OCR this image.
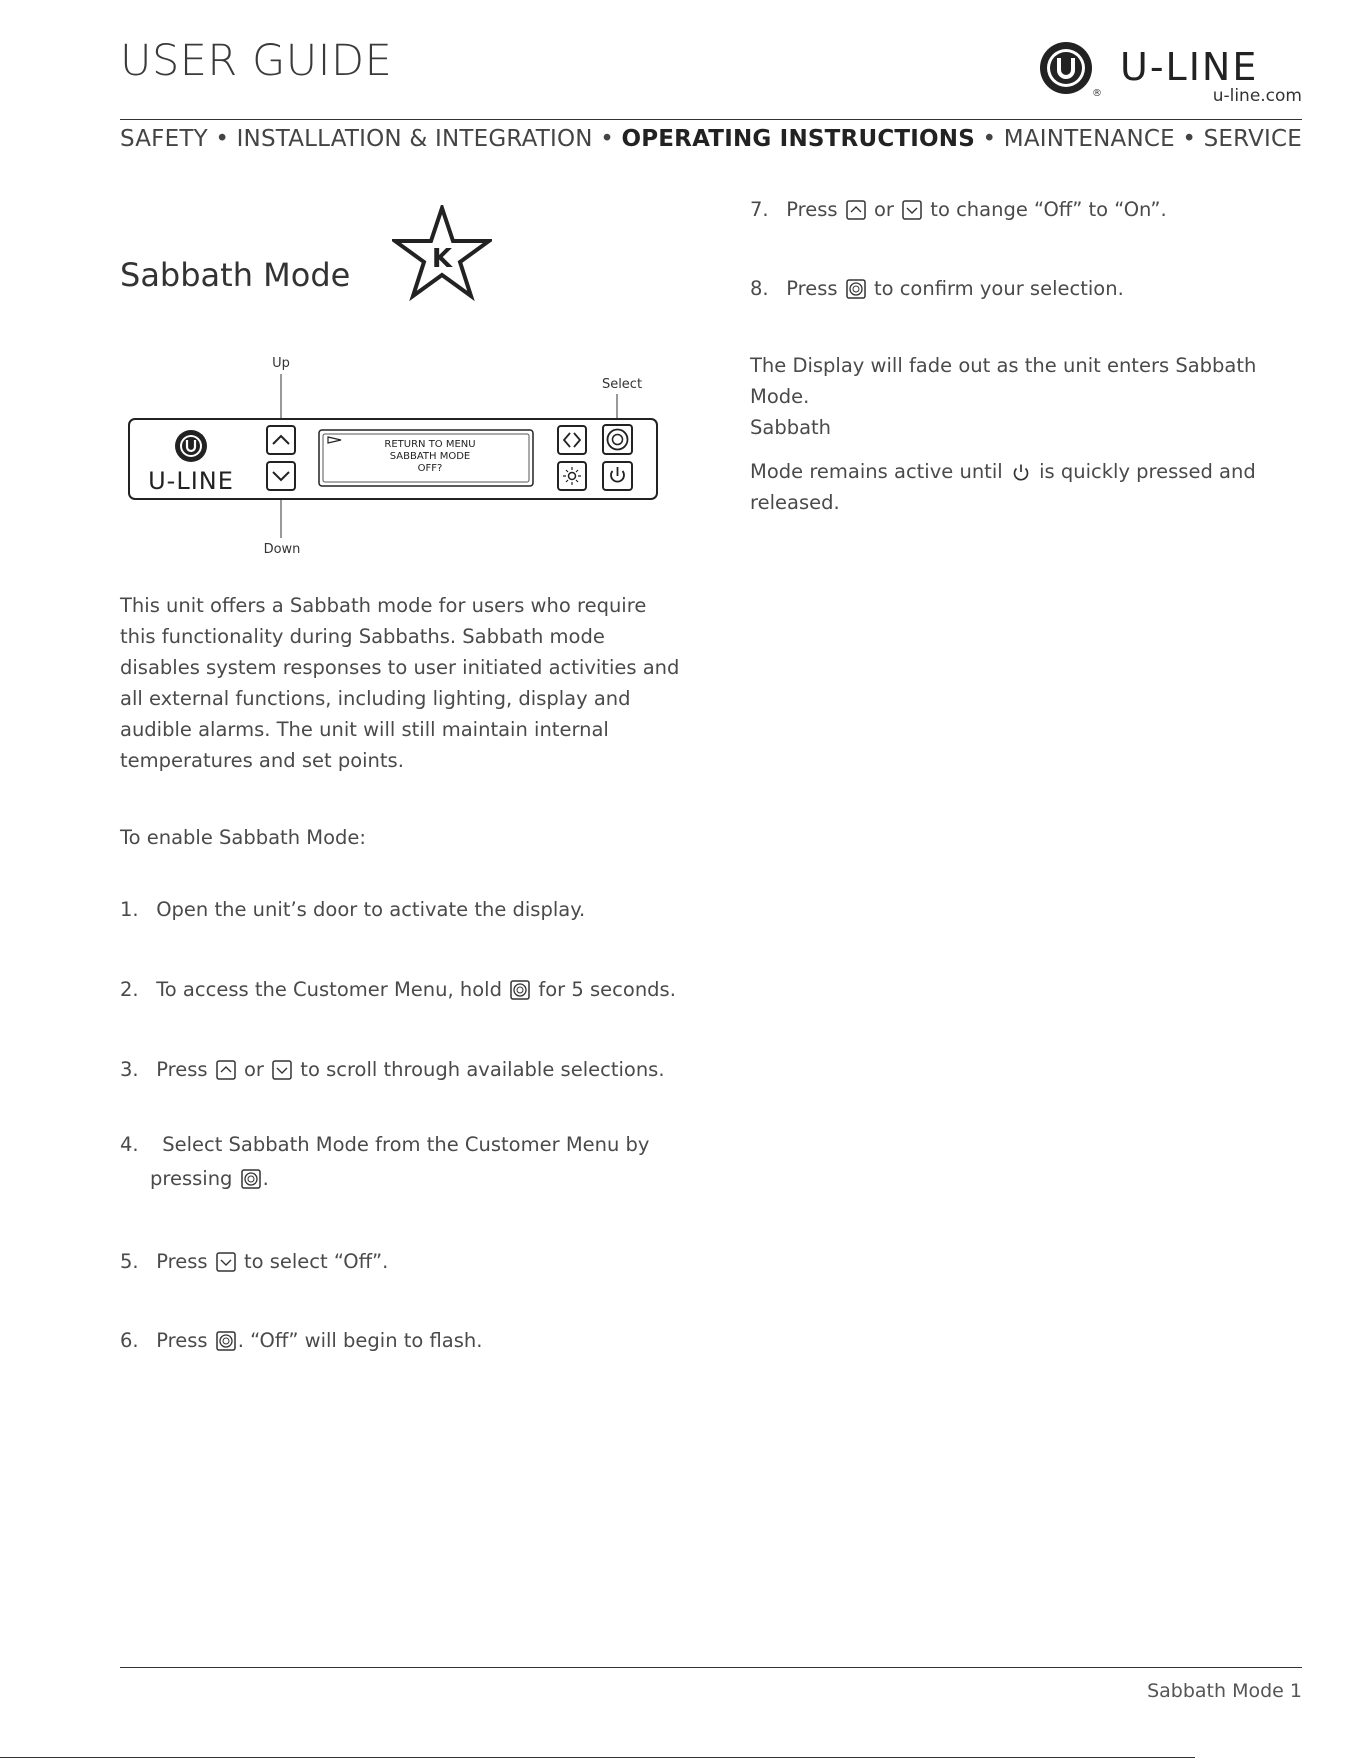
USER GUIDE
®
U-LINE
u-line.com
SAFETY • INSTALLATION & INTEGRATION • OPERATING INSTRUCTIONS • MAINTENANCE • SERVICE
Sabbath Mode	K
Up
Select
Down
U-LINE
RETURN TO MENU
SABBATH MODE
OFF?
This unit offers a Sabbath mode for users who require this functionality during Sabbaths. Sabbath mode disables system responses to user initiated activities and all external functions, including lighting, display and audible alarms. The unit will still maintain internal temperatures and set points.
To enable Sabbath Mode:
1. Open the unit’s door to activate the display.
2. To access the Customer Menu, hold for 5 seconds.
3. Press or to scroll through available selections.
4. Select Sabbath Mode from the Customer Menu by
pressing .
5. Press to select “Off”.
6. Press . “Off” will begin to flash.
7. Press or to change “Off” to “On”.
8. Press to confirm your selection.
The Display will fade out as the unit enters Sabbath Mode.
Sabbath
Mode remains active until is quickly pressed and
released.
Sabbath Mode 1
